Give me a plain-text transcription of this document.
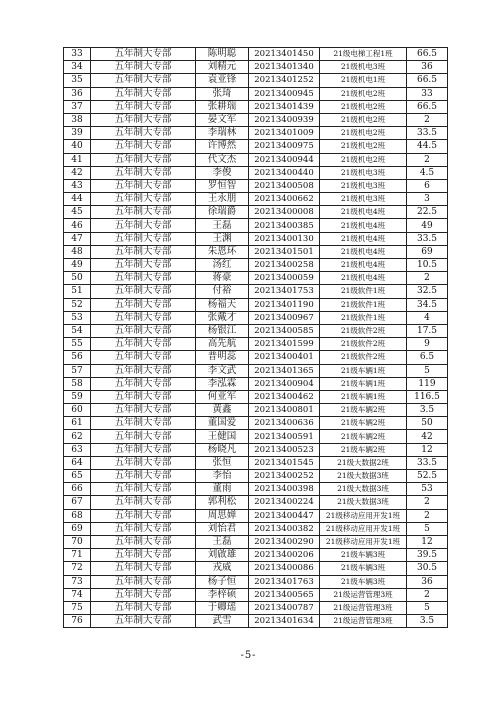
33	五年制大专部	陈明聪	20213401450	21级电梯工程1班	66.5
34	五年制大专部	刘精元	20213401340	21级机电3班	36
35	五年制大专部	袁亚锋	20213401252	21级机电1班	66.5
36	五年制大专部	张琦	20213400945	21级机电2班	33
37	五年制大专部	张耕瑞	20213401439	21级机电2班	66.5
38	五年制大专部	晏文军	20213400939	21级机电2班	2
39	五年制大专部	李瑞林	20213401009	21级机电2班	33.5
40	五年制大专部	许博然	20213400975	21级机电2班	44.5
41	五年制大专部	代文杰	20213400944	21级机电2班	2
42	五年制大专部	李俊	20213400440	21级机电3班	4.5
43	五年制大专部	罗恒智	20213400508	21级机电3班	6
44	五年制大专部	王永朋	20213400662	21级机电3班	3
45	五年制大专部	徐瑞爵	20213400008	21级机电4班	22.5
46	五年制大专部	王磊	20213400385	21级机电4班	49
47	五年制大专部	王渊	20213400130	21级机电4班	33.5
48	五年制大专部	朱恩环	20213401501	21级机电4班	69
49	五年制大专部	汤红	20213400258	21级机电4班	10.5
50	五年制大专部	蒋豪	20213400059	21级机电4班	2
51	五年制大专部	付裕	20213401753	21级软件1班	32.5
52	五年制大专部	杨福天	20213401190	21级软件1班	34.5
53	五年制大专部	张戴才	20213400967	21级软件1班	4
54	五年制大专部	杨银江	20213400585	21级软件2班	17.5
55	五年制大专部	高先航	20213401599	21级软件2班	9
56	五年制大专部	普明蕊	20213400401	21级软件2班	6.5
57	五年制大专部	李文武	20213401365	21级车辆1班	5
58	五年制大专部	李泓霖	20213400904	21级车辆1班	119
59	五年制大专部	何亚军	20213400462	21级车辆1班	116.5
60	五年制大专部	黄鑫	20213400801	21级车辆2班	3.5
61	五年制大专部	董国爱	20213400636	21级车辆2班	50
62	五年制大专部	王健国	20213400591	21级车辆2班	42
63	五年制大专部	杨晓凡	20213400523	21级车辆2班	12
64	五年制大专部	张恒	20213401545	21级大数据2班	33.5
65	五年制大专部	李怡	20213400252	21级大数据3班	52.5
66	五年制大专部	董雨	20213400398	21级大数据3班	53
67	五年制大专部	郭利松	20213400224	21级大数据3班	2
68	五年制大专部	周思婵	20213400447	21级移动应用开发1班	2
69	五年制大专部	刘怡君	20213400382	21级移动应用开发1班	5
70	五年制大专部	王磊	20213400290	21级移动应用开发1班	12
71	五年制大专部	刘啟雄	20213400206	21级车辆3班	39.5
72	五年制大专部	戎威	20213400086	21级车辆3班	30.5
73	五年制大专部	杨子恒	20213401763	21级车辆3班	36
74	五年制大专部	李梓硕	20213400565	21级运营管理3班	2
75	五年制大专部	于卿瑶	20213400787	21级运营管理3班	5
76	五年制大专部	武雪	20213401634	21级运营管理3班	3.5
-5-
